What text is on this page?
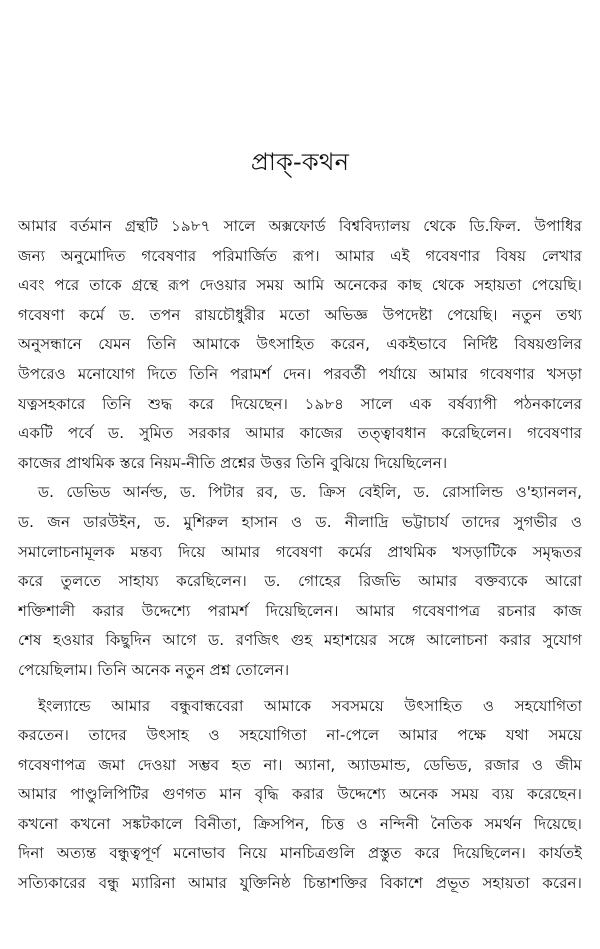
প্রাক্-কথন
আমার বর্তমান গ্রন্থটি ১৯৮৭ সালে অক্সফোর্ড বিশ্ববিদ্যালয় থেকে ডি.ফিল. উপাধির
জন্য অনুমোদিত গবেষণার পরিমার্জিত রূপ। আমার এই গবেষণার বিষয় লেখার
এবং পরে তাকে গ্রন্থে রূপ দেওয়ার সময় আমি অনেকের কাছ থেকে সহায়তা পেয়েছি।
গবেষণা কর্মে ড. তপন রায়চৌধুরীর মতো অভিজ্ঞ উপদেষ্টা পেয়েছি। নতুন তথ্য
অনুসন্ধানে যেমন তিনি আমাকে উৎসাহিত করেন, একইভাবে নির্দিষ্ট বিষয়গুলির
উপরেও মনোযোগ দিতে তিনি পরামর্শ দেন। পরবর্তী পর্যায়ে আমার গবেষণার খসড়া
যত্নসহকারে তিনি শুদ্ধ করে দিয়েছেন। ১৯৮৪ সালে এক বর্ষব্যাপী পঠনকালের
একটি পর্বে ড. সুমিত সরকার আমার কাজের তত্ত্বাবধান করেছিলেন। গবেষণার
কাজের প্রাথমিক স্তরে নিয়ম-নীতি প্রশ্নের উত্তর তিনি বুঝিয়ে দিয়েছিলেন।
ড. ডেভিড আর্নল্ড, ড. পিটার রব, ড. ক্রিস বেইলি, ড. রোসালিন্ড ও'হ্যানলন,
ড. জন ডারউইন, ড. মুশিরুল হাসান ও ড. নীলাদ্রি ভট্টাচার্য তাদের সুগভীর ও
সমালোচনামূলক মন্তব্য দিয়ে আমার গবেষণা কর্মের প্রাথমিক খসড়াটিকে সমৃদ্ধতর
করে তুলতে সাহায্য করেছিলেন। ড. গোহের রিজভি আমার বক্তব্যকে আরো
শক্তিশালী করার উদ্দেশ্যে পরামর্শ দিয়েছিলেন। আমার গবেষণাপত্র রচনার কাজ
শেষ হওয়ার কিছুদিন আগে ড. রণজিৎ গুহ মহাশয়ের সঙ্গে আলোচনা করার সুযোগ
পেয়েছিলাম। তিনি অনেক নতুন প্রশ্ন তোলেন।
ইংল্যান্ডে আমার বন্ধুবান্ধবেরা আমাকে সবসময়ে উৎসাহিত ও সহযোগিতা
করতেন। তাদের উৎসাহ ও সহযোগিতা না-পেলে আমার পক্ষে যথা সময়ে
গবেষণাপত্র জমা দেওয়া সম্ভব হত না। অ্যানা, অ্যাডমান্ড, ডেভিড, রজার ও জীম
আমার পাণ্ডুলিপিটির গুণগত মান বৃদ্ধি করার উদ্দেশ্যে অনেক সময় ব্যয় করেছেন।
কখনো কখনো সঙ্কটকালে বিনীতা, ক্রিসপিন, চিত্ত ও নন্দিনী নৈতিক সমর্থন দিয়েছে।
দিনা অত্যন্ত বন্ধুত্বপূর্ণ মনোভাব নিয়ে মানচিত্রগুলি প্রস্তুত করে দিয়েছিলেন। কার্যতই
সত্যিকারের বন্ধু ম্যারিনা আমার যুক্তিনিষ্ঠ চিন্তাশক্তির বিকাশে প্রভূত সহায়তা করেন।
